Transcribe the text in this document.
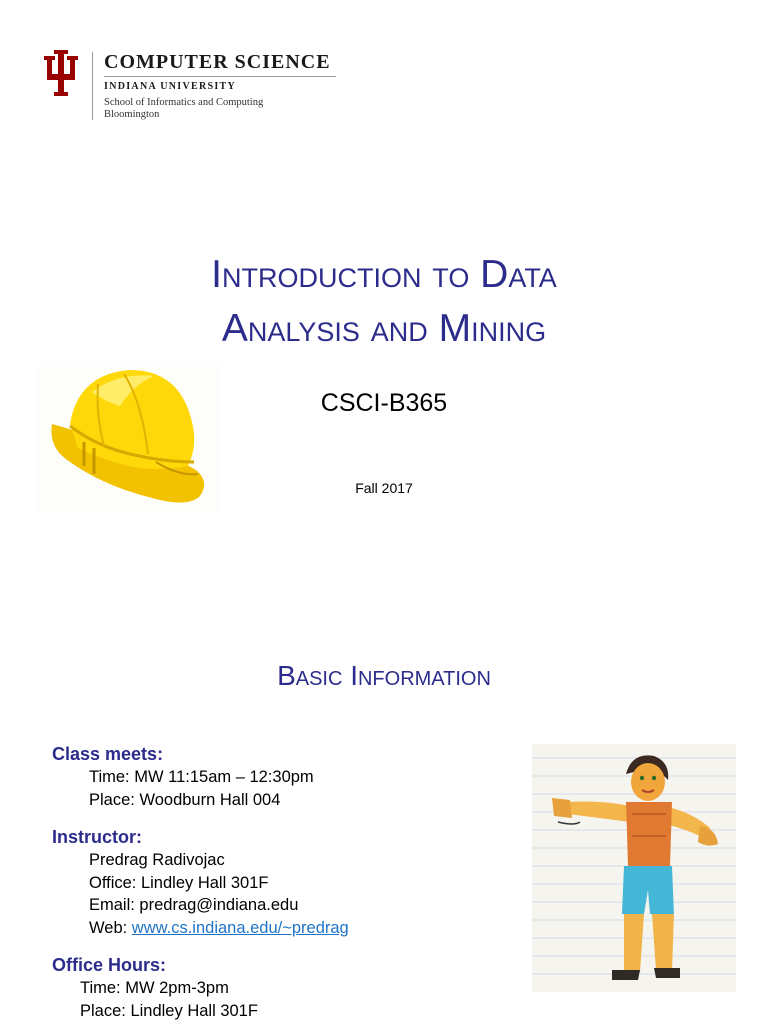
COMPUTER SCIENCE
INDIANA UNIVERSITY
School of Informatics and Computing
Bloomington
Introduction to Data
Analysis and Mining
CSCI-B365
Fall 2017
Basic Information
Class meets:
Time: MW 11:15am – 12:30pm
Place: Woodburn Hall 004
Instructor:
Predrag Radivojac
Office: Lindley Hall 301F
Email: predrag@indiana.edu
Web: www.cs.indiana.edu/~predrag
Office Hours:
Time: MW 2pm-3pm
Place: Lindley Hall 301F
